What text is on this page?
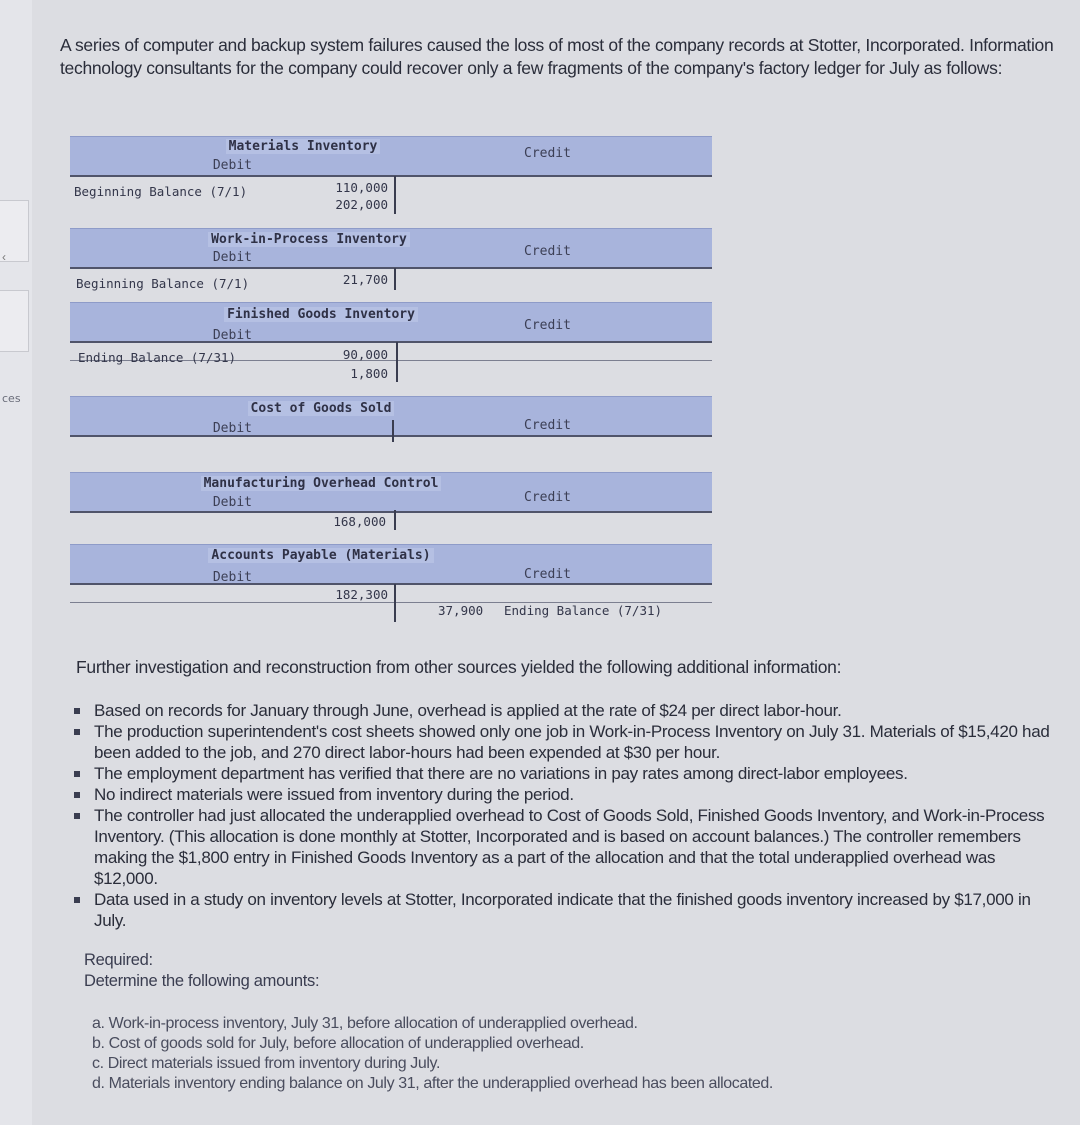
‹
ces
A series of computer and backup system failures caused the loss of most of the company records at Stotter, Incorporated. Information technology consultants for the company could recover only a few fragments of the company's factory ledger for July as follows:
Materials Inventory
Debit
Credit
Beginning Balance (7/1)	110,000
202,000
Work-in-Process Inventory
Debit	Credit
Beginning Balance (7/1)	21,700
Finished Goods Inventory
Debit
Credit
Ending Balance (7/31)	90,000
1,800
Cost of Goods Sold
Debit	Credit
Manufacturing Overhead Control
Debit	Credit
168,000
Accounts Payable (Materials)
Debit	Credit
182,300
37,900 Ending Balance (7/31)
Further investigation and reconstruction from other sources yielded the following additional information:
Based on records for January through June, overhead is applied at the rate of $24 per direct labor-hour.
The production superintendent's cost sheets showed only one job in Work-in-Process Inventory on July 31. Materials of $15,420 had been added to the job, and 270 direct labor-hours had been expended at $30 per hour.
The employment department has verified that there are no variations in pay rates among direct-labor employees.
No indirect materials were issued from inventory during the period.
The controller had just allocated the underapplied overhead to Cost of Goods Sold, Finished Goods Inventory, and Work-in-Process Inventory. (This allocation is done monthly at Stotter, Incorporated and is based on account balances.) The controller remembers making the $1,800 entry in Finished Goods Inventory as a part of the allocation and that the total underapplied overhead was $12,000.
Data used in a study on inventory levels at Stotter, Incorporated indicate that the finished goods inventory increased by $17,000 in July.
Required:
Determine the following amounts:
a. Work-in-process inventory, July 31, before allocation of underapplied overhead.
b. Cost of goods sold for July, before allocation of underapplied overhead.
c. Direct materials issued from inventory during July.
d. Materials inventory ending balance on July 31, after the underapplied overhead has been allocated.
